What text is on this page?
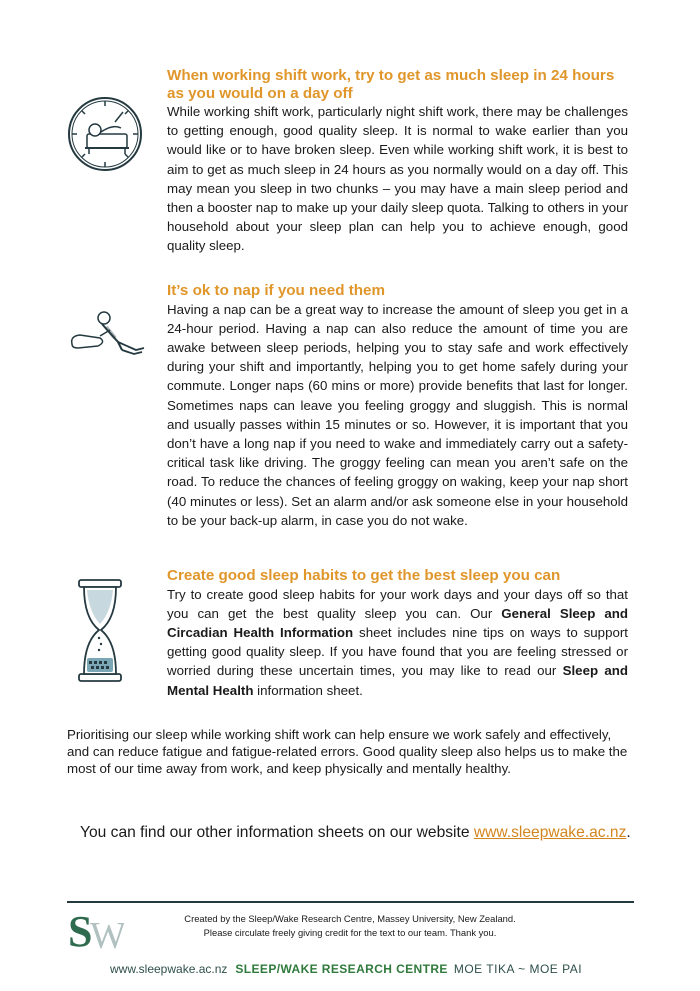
When working shift work, try to get as much sleep in 24 hours as you would on a day off

While working shift work, particularly night shift work, there may be challenges to getting enough, good quality sleep. It is normal to wake earlier than you would like or to have broken sleep. Even while working shift work, it is best to aim to get as much sleep in 24 hours as you normally would on a day off. This may mean you sleep in two chunks – you may have a main sleep period and then a booster nap to make up your daily sleep quota. Talking to others in your household about your sleep plan can help you to achieve enough, good quality sleep.

It’s ok to nap if you need them

Having a nap can be a great way to increase the amount of sleep you get in a 24-hour period. Having a nap can also reduce the amount of time you are awake between sleep periods, helping you to stay safe and work effectively during your shift and importantly, helping you to get home safely during your commute. Longer naps (60 mins or more) provide benefits that last for longer. Sometimes naps can leave you feeling groggy and sluggish. This is normal and usually passes within 15 minutes or so. However, it is important that you don’t have a long nap if you need to wake and immediately carry out a safety-critical task like driving. The groggy feeling can mean you aren’t safe on the road. To reduce the chances of feeling groggy on waking, keep your nap short (40 minutes or less). Set an alarm and/or ask someone else in your household to be your back-up alarm, in case you do not wake.

Create good sleep habits to get the best sleep you can

Try to create good sleep habits for your work days and your days off so that you can get the best quality sleep you can. Our General Sleep and Circadian Health Information sheet includes nine tips on ways to support getting good quality sleep. If you have found that you are feeling stressed or worried during these uncertain times, you may like to read our Sleep and Mental Health information sheet.

Prioritising our sleep while working shift work can help ensure we work safely and effectively, and can reduce fatigue and fatigue-related errors. Good quality sleep also helps us to make the most of our time away from work, and keep physically and mentally healthy.

You can find our other information sheets on our website www.sleepwake.ac.nz.

S
W	Created by the Sleep/Wake Research Centre, Massey University, New Zealand.
Please circulate freely giving credit for the text to our team. Thank you.

www.sleepwake.ac.nz SLEEP/WAKE RESEARCH CENTRE MOE TIKA ~ MOE PAI
